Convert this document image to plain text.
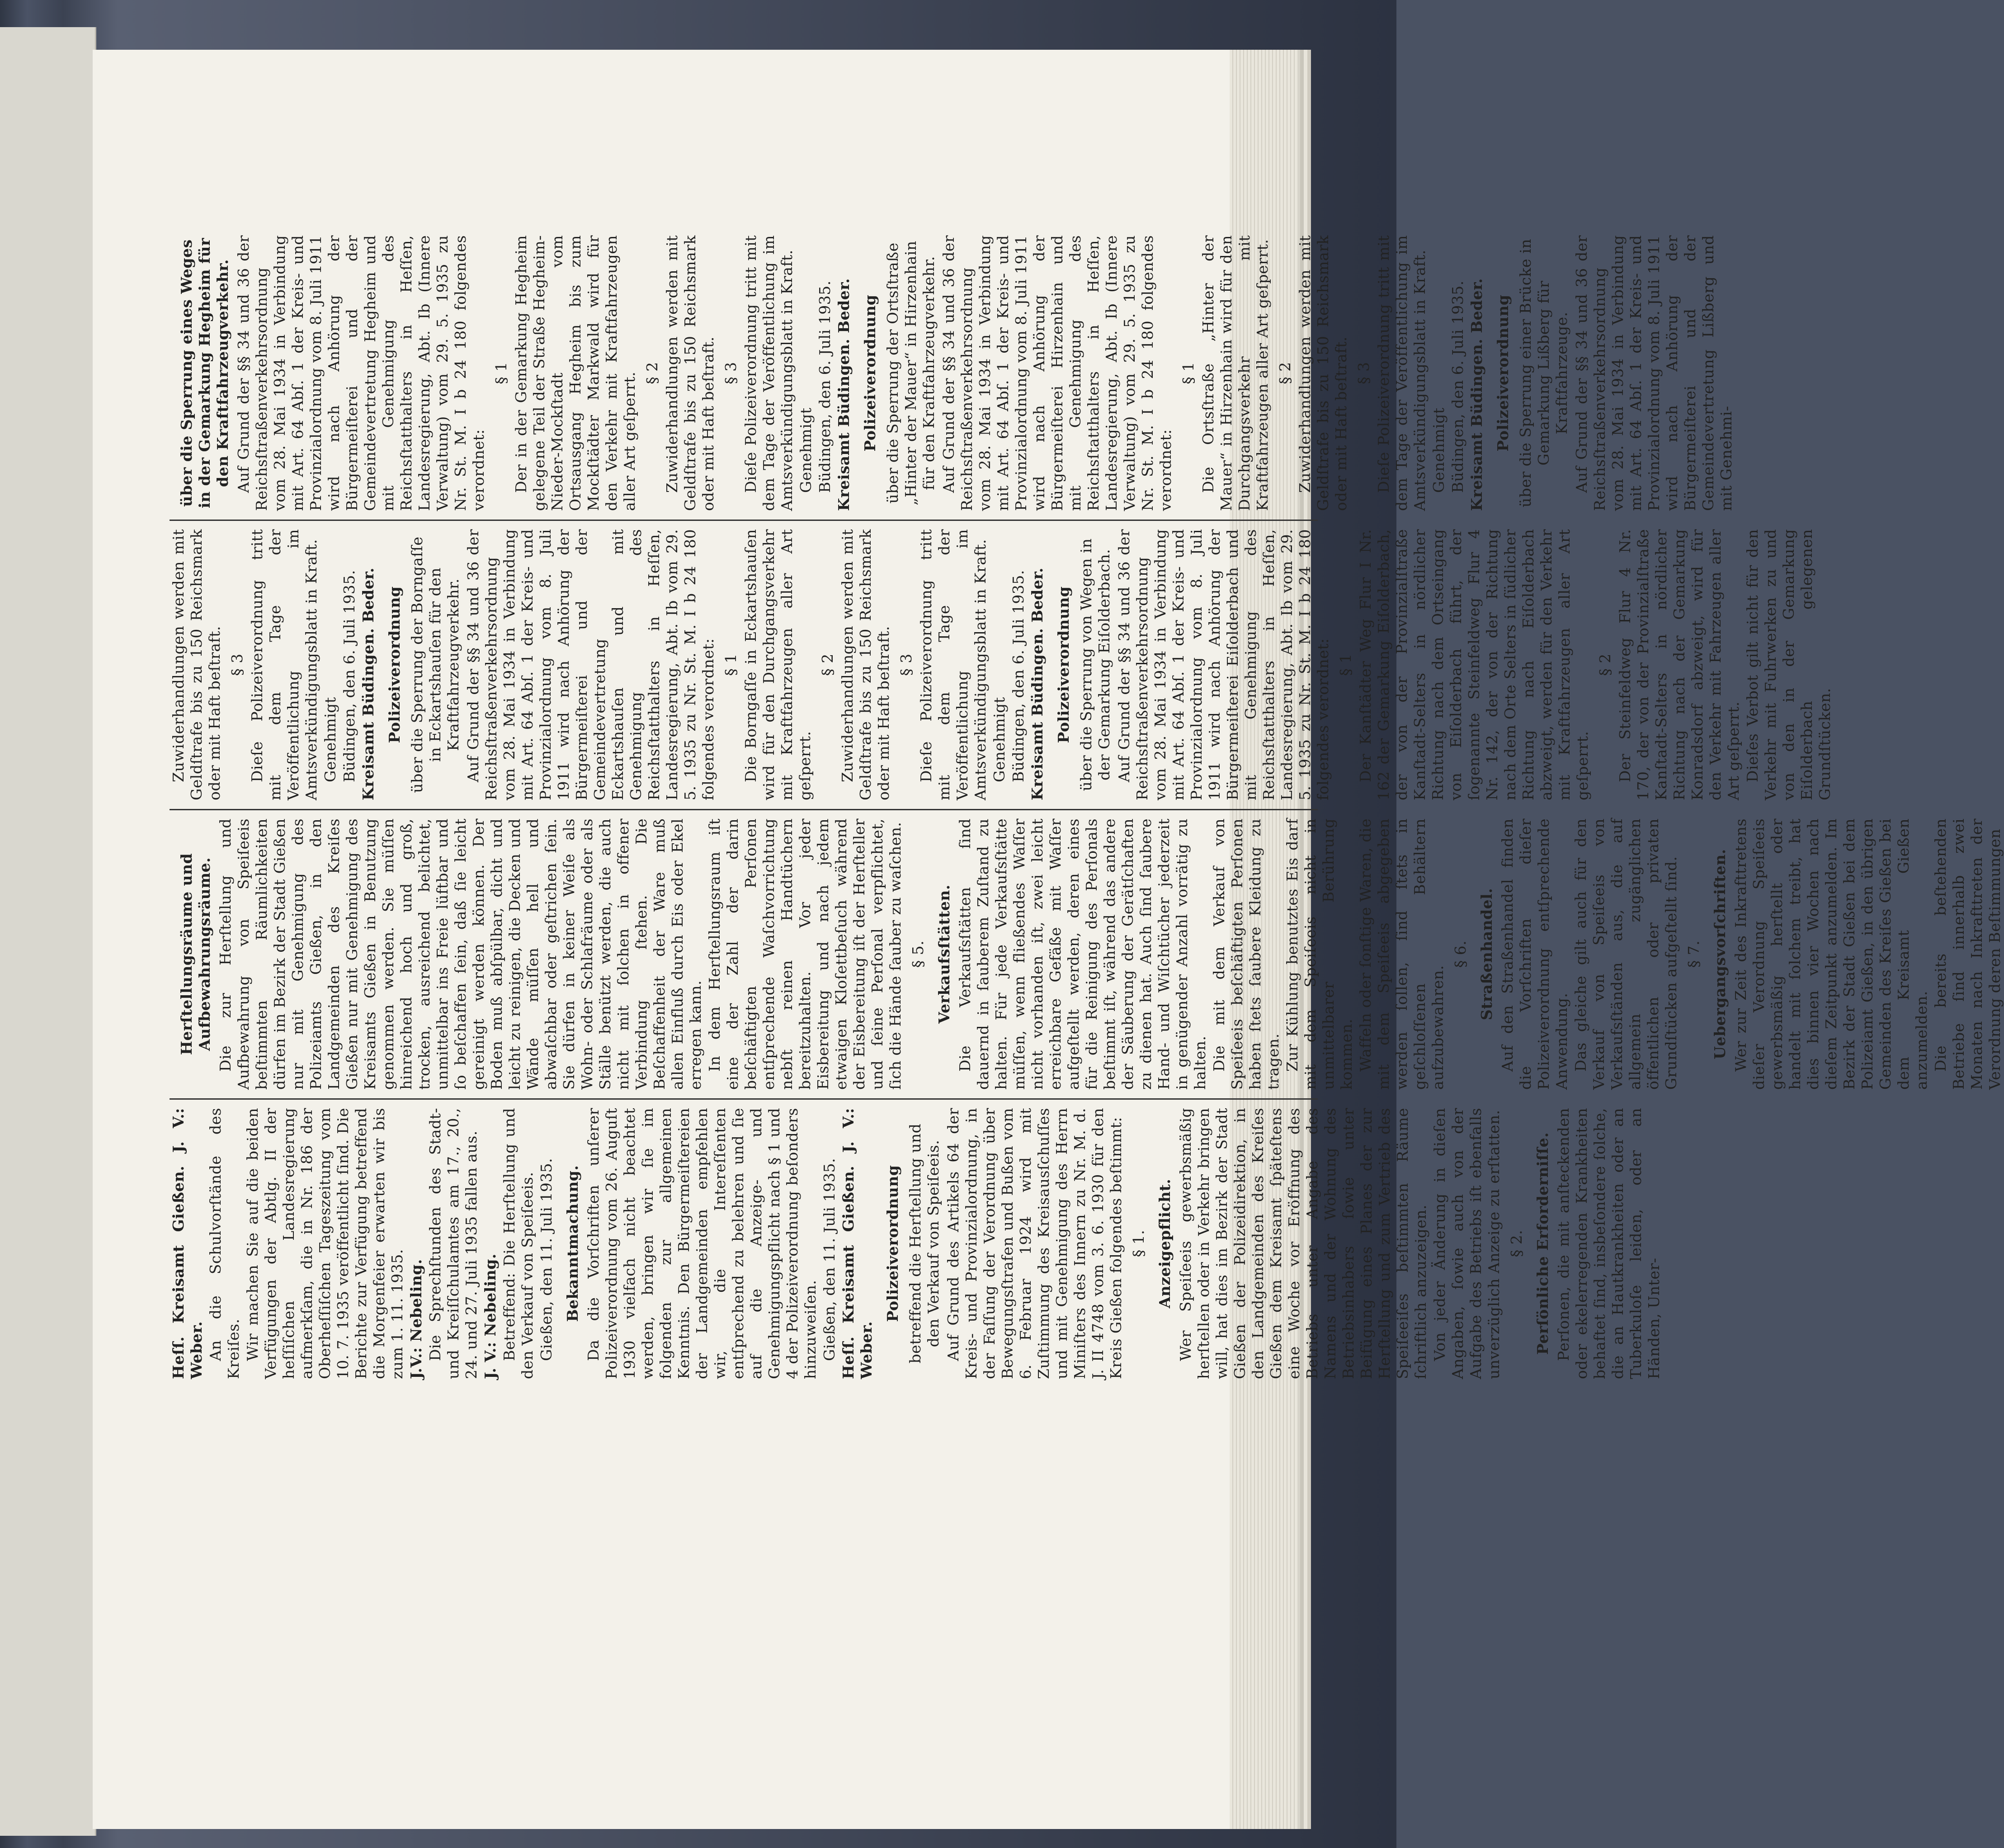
Heſſ. Kreisamt Gießen. J. V.: Weber. An die Schulvorſtände des Kreiſes. Wir machen Sie auf die beiden Verfügungen der Abtlg. II der heſſiſchen Landesregierung aufmerkſam, die in Nr. 186 der Oberheſſiſchen Tageszeitung vom 10. 7. 1935 veröffentlicht ſind. Die Berichte zur Verfügung betreffend die Morgenfeier erwarten wir bis zum 1. 11. 1935. J.V.: Nebeling. Die Sprechſtunden des Stadt- und Kreiſſchulamtes am 17., 20., 24. und 27. Juli 1935 fallen aus. J. V.: Nebeling. Betreffend: Die Herſtellung und den Verkauf von Speiſeeis. Gießen, den 11. Juli 1935. Bekanntmachung. Da die Vorſchriften unſerer Polizeiverordnung vom 26. Auguſt 1930 vielfach nicht beachtet werden, bringen wir ſie im folgenden zur allgemeinen Kenntnis. Den Bürgermeiſtereien der Landgemeinden empfehlen wir, die Intereſſenten entſprechend zu belehren und ſie auf die Anzeige- und Genehmigungspflicht nach § 1 und 4 der Polizeiverordnung beſonders hinzuweiſen. Gießen, den 11. Juli 1935. Heſſ. Kreisamt Gießen. J. V.: Weber.

Polizeiverordnung betreffend die Herſtellung und den Verkauf von Speiſeeis. Auf Grund des Artikels 64 der Kreis- und Provinzialordnung, in der Faſſung der Verordnung über Bewegungsſtrafen und Bußen vom 6. Februar 1924 wird mit Zuſtimmung des Kreisausſchuſſes und mit Genehmigung des Herrn Miniſters des Innern zu Nr. M. d. J. II 4748 vom 3. 6. 1930 für den Kreis Gießen folgendes beſtimmt: § 1. Anzeigepflicht. Wer Speiſeeis gewerbsmäßig herſtellen oder in Verkehr bringen will, hat dies im Bezirk der Stadt Gießen der Polizeidirektion, in den Landgemeinden des Kreiſes Gießen dem Kreisamt ſpäteſtens eine Woche vor Eröffnung des Betriebs unter Angabe des Namens und der Wohnung des Betriebsinhabers ſowie unter Beifügung eines Planes der zur Herſtellung und zum Vertrieb des Speiſeeiſes beſtimmten Räume ſchriftlich anzuzeigen. Von jeder Änderung in dieſen Angaben, ſowie auch von der Aufgabe des Betriebs iſt ebenfalls unverzüglich Anzeige zu erſtatten. § 2. Perſönliche Erforderniſſe. Perſonen, die mit anſteckenden oder ekelerregenden Krankheiten behaftet ſind, insbeſondere ſolche, die an Hautkrankheiten oder an Tuberkuloſe leiden, oder an Händen, Unter-

Herſtellungsräume und Aufbewahrungsräume. Die zur Herſtellung und Aufbewahrung von Speiſeeis beſtimmten Räumlichkeiten dürfen im Bezirk der Stadt Gießen nur mit Genehmigung des Polizeiamts Gießen, in den Landgemeinden des Kreiſes Gießen nur mit Genehmigung des Kreisamts Gießen in Benutzung genommen werden. Sie müſſen hinreichend hoch und groß, trocken, ausreichend belichtet, unmittelbar ins Freie lüftbar und ſo beſchaffen ſein, daß ſie leicht gereinigt werden können. Der Boden muß abſpülbar, dicht und leicht zu reinigen, die Decken und Wände müſſen hell und abwaſchbar oder geſtrichen ſein. Sie dürfen in keiner Weiſe als Wohn- oder Schlafräume oder als Ställe benützt werden, die auch nicht mit ſolchen in offener Verbindung ſtehen. Die Beſchaffenheit der Ware muß allen Einfluß durch Eis oder Ekel erregen kann. In dem Herſtellungsraum iſt eine der Zahl der darin beſchäftigten Perſonen entſprechende Waſchvorrichtung nebſt reinen Handtüchern bereitzuhalten. Vor jeder Eisbereitung und nach jedem etwaigen Kloſettbeſuch während der Eisbereitung iſt der Herſteller und ſeine Perſonal verpflichtet, ſich die Hände ſauber zu waſchen. § 5. Verkaufsſtätten. Die Verkaufsſtätten ſind dauernd in ſauberem Zuſtand zu halten. Für jede Verkaufsſtätte müſſen, wenn fließendes Waſſer nicht vorhanden iſt, zwei leicht erreichbare Gefäße mit Waſſer aufgeſtellt werden, deren eines für die Reinigung des Perſonals beſtimmt iſt, während das andere der Säuberung der Gerätſchaften zu dienen hat. Auch ſind ſaubere Hand- und Wiſchtücher jederzeit in genügender Anzahl vorrätig zu halten. Die mit dem Verkauf von Speiſeeis beſchäftigten Perſonen haben ſtets ſaubere Kleidung zu tragen. Zur Kühlung benutztes Eis darf mit dem Speiſeeis nicht in unmittelbarer Berührung kommen. Waffeln oder ſonſtige Waren, die mit dem Speiſeeis abgegeben werden ſollen, ſind ſtets in geſchloſſenen Behältern aufzubewahren.

§ 6. Straßenhandel. Auf den Straßenhandel finden die Vorſchriften dieſer Polizeiverordnung entſprechende Anwendung. Das gleiche gilt auch für den Verkauf von Speiſeeis von Verkaufsſtänden aus, die auf allgemein zugänglichen öffentlichen oder privaten Grundſtücken aufgeſtellt ſind. § 7. Uebergangsvorſchriften. Wer zur Zeit des Inkrafttretens dieſer Verordnung Speiſeeis gewerbsmäßig herſtellt oder handelt mit ſolchem treibt, hat dies binnen vier Wochen nach dieſem Zeitpunkt anzumelden. Im Bezirk der Stadt Gießen bei dem Polizeiamt Gießen, in den übrigen Gemeinden des Kreiſes Gießen bei dem Kreisamt Gießen anzumelden. Die bereits beſtehenden Betriebe ſind innerhalb zwei Monaten nach Inkrafttreten der Verordnung deren Beſtimmungen

Zuwiderhandlungen werden mit Geldſtrafe bis zu 150 Reichsmark oder mit Haft beſtraft. § 3 Dieſe Polizeiverordnung tritt mit dem Tage der Veröffentlichung im Amtsverkündigungsblatt in Kraft. Genehmigt Büdingen, den 6. Juli 1935. Kreisamt Büdingen. Beder. Polizeiverordnung über die Sperrung der Borngaſſe in Eckartshauſen für den Kraftfahrzeugverkehr. Auf Grund der §§ 34 und 36 der Reichsſtraßenverkehrsordnung vom 28. Mai 1934 in Verbindung mit Art. 64 Abſ. 1 der Kreis- und Provinzialordnung vom 8. Juli 1911 wird nach Anhörung der Bürgermeiſterei und der Gemeindevertretung Eckartshauſen und mit Genehmigung des Reichsſtatthalters in Heſſen, Landesregierung, Abt. Ib vom 29. 5. 1935 zu Nr. St. M. I b 24 180 folgendes verordnet: § 1 Die Borngaſſe in Eckartshauſen wird für den Durchgangsverkehr mit Kraftfahrzeugen aller Art geſperrt.

§ 2 Zuwiderhandlungen werden mit Geldſtrafe bis zu 150 Reichsmark oder mit Haft beſtraft. § 3 Dieſe Polizeiverordnung tritt mit dem Tage der Veröffentlichung im Amtsverkündigungsblatt in Kraft. Genehmigt Büdingen, den 6. Juli 1935. Kreisamt Büdingen. Beder. Polizeiverordnung über die Sperrung von Wegen in der Gemarkung Eiſolderbach. Auf Grund der §§ 34 und 36 der Reichsſtraßenverkehrsordnung vom 28. Mai 1934 in Verbindung mit Art. 64 Abſ. 1 der Kreis- und Provinzialordnung vom 8. Juli 1911 wird nach Anhörung der Bürgermeiſterei Eiſolderbach und mit Genehmigung des Reichsſtatthalters in Heſſen, Landesregierung, Abt. Ib vom 29. 5. 1935 zu Nr. St. M. I b 24 180 folgendes verordnet: § 1 Der Kanſtädter Weg Flur I Nr. 162 der Gemarkung Eiſolderbach, der von der Provinzialſtraße Kanſtadt-Selters in nördlicher Richtung nach dem Ortseingang von Eiſolderbach führt, der ſogenannte Steinfeldweg Flur 4 Nr. 142, der von der Richtung nach dem Orte Selters in ſüdlicher Richtung nach Eiſolderbach abzweigt, werden für den Verkehr mit Kraftfahrzeugen aller Art geſperrt.

§ 2 Der Steinfeldweg Flur 4 Nr. 170, der von der Provinzialſtraße Kanſtadt-Selters in nördlicher Richtung nach der Gemarkung Konradsdorf abzweigt, wird für den Verkehr mit Fahrzeugen aller Art geſperrt. Dieſes Verbot gilt nicht für den Verkehr mit Fuhrwerken zu und von den in der Gemarkung Eiſolderbach gelegenen Grundſtücken.

über die Sperrung eines Weges in der Gemarkung Hegheim für den Kraftfahrzeugverkehr. Auf Grund der §§ 34 und 36 der Reichsſtraßenverkehrsordnung vom 28. Mai 1934 in Verbindung mit Art. 64 Abſ. 1 der Kreis- und Provinzialordnung vom 8. Juli 1911 wird nach Anhörung der Bürgermeiſterei und der Gemeindevertretung Hegheim und mit Genehmigung des Reichsſtatthalters in Heſſen, Landesregierung, Abt. Ib (Innere Verwaltung) vom 29. 5. 1935 zu Nr. St. M. I b 24 180 folgendes verordnet:

§ 1 Der in der Gemarkung Hegheim gelegene Teil der Straße Hegheim-Nieder-Mockſtadt vom Ortsausgang Hegheim bis zum Mockſtädter Markwald wird für den Verkehr mit Kraftfahrzeugen aller Art geſperrt. § 2 Zuwiderhandlungen werden mit Geldſtrafe bis zu 150 Reichsmark oder mit Haft beſtraft. § 3 Dieſe Polizeiverordnung tritt mit dem Tage der Veröffentlichung im Amtsverkündigungsblatt in Kraft. Genehmigt Büdingen, den 6. Juli 1935. Kreisamt Büdingen. Beder. Polizeiverordnung über die Sperrung der Ortsſtraße „Hinter der Mauer“ in Hirzenhain für den Kraftfahrzeugverkehr. Auf Grund der §§ 34 und 36 der Reichsſtraßenverkehrsordnung vom 28. Mai 1934 in Verbindung mit Art. 64 Abſ. 1 der Kreis- und Provinzialordnung vom 8. Juli 1911 wird nach Anhörung der Bürgermeiſterei Hirzenhain und mit Genehmigung des Reichsſtatthalters in Heſſen, Landesregierung, Abt. Ib (Innere Verwaltung) vom 29. 5. 1935 zu Nr. St. M. I b 24 180 folgendes verordnet:

§ 1 Die Ortsſtraße „Hinter der Mauer“ in Hirzenhain wird für den Durchgangsverkehr mit Kraftfahrzeugen aller Art geſperrt. § 2 Zuwiderhandlungen werden mit Geldſtrafe bis zu 150 Reichsmark oder mit Haft beſtraft. § 3 Dieſe Polizeiverordnung tritt mit dem Tage der Veröffentlichung im Amtsverkündigungsblatt in Kraft. Genehmigt Büdingen, den 6. Juli 1935. Kreisamt Büdingen. Beder. Polizeiverordnung über die Sperrung einer Brücke in Gemarkung Lißberg für Kraftfahrzeuge. Auf Grund der §§ 34 und 36 der Reichsſtraßenverkehrsordnung vom 28. Mai 1934 in Verbindung mit Art. 64 Abſ. 1 der Kreis- und Provinzialordnung vom 8. Juli 1911 wird nach Anhörung der Bürgermeiſterei und der Gemeindevertretung Lißberg und mit Genehmi-
